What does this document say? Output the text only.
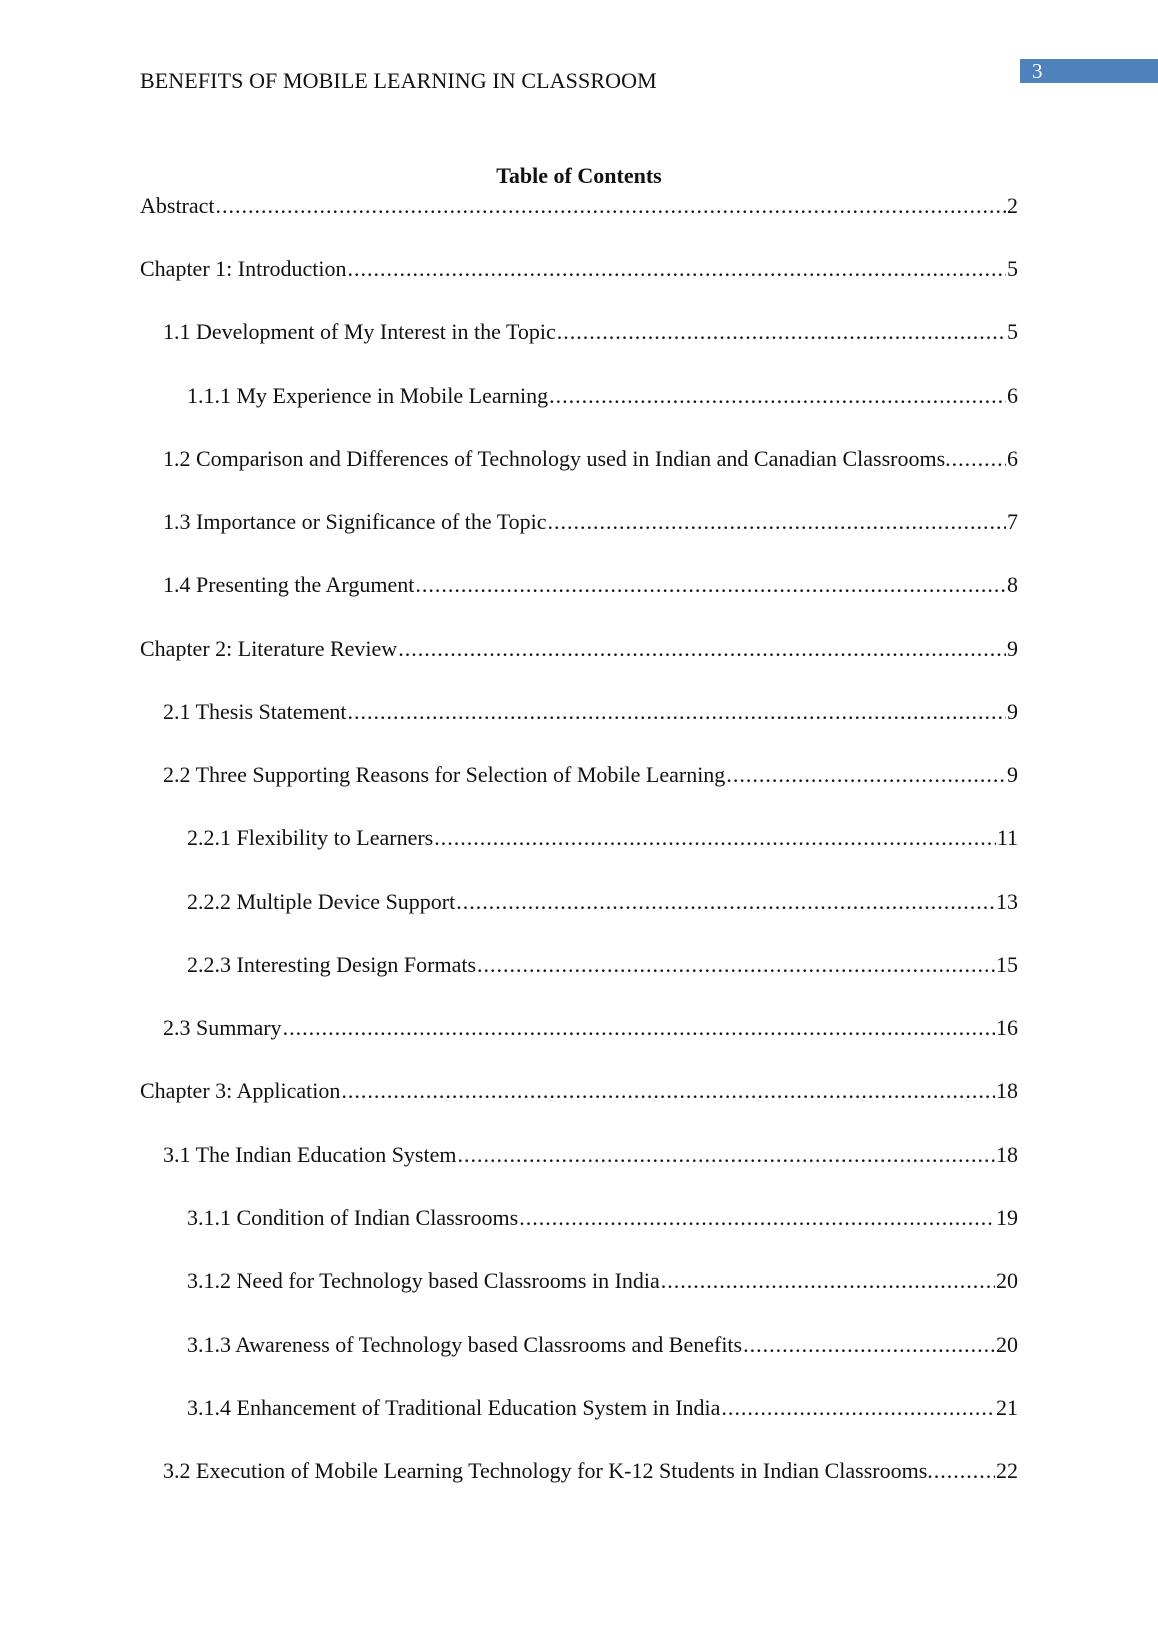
3
BENEFITS OF MOBILE LEARNING IN CLASSROOM
Table of Contents
Abstract .....	2
Chapter 1: Introduction .....	5
1.1 Development of My Interest in the Topic .....	5
1.1.1 My Experience in Mobile Learning .....	6
1.2 Comparison and Differences of Technology used in Indian and Canadian Classrooms. .....	6
1.3 Importance or Significance of the Topic .....	7
1.4 Presenting the Argument .....	8
Chapter 2: Literature Review .....	9
2.1 Thesis Statement .....	9
2.2 Three Supporting Reasons for Selection of Mobile Learning .....	9
2.2.1 Flexibility to Learners .....	11
2.2.2 Multiple Device Support .....	13
2.2.3 Interesting Design Formats .....	15
2.3 Summary .....	16
Chapter 3: Application .....	18
3.1 The Indian Education System .....	18
3.1.1 Condition of Indian Classrooms .....	19
3.1.2 Need for Technology based Classrooms in India .....	20
3.1.3 Awareness of Technology based Classrooms and Benefits .....	20
3.1.4 Enhancement of Traditional Education System in India .....	21
3.2 Execution of Mobile Learning Technology for K-12 Students in Indian Classrooms. .....	22
